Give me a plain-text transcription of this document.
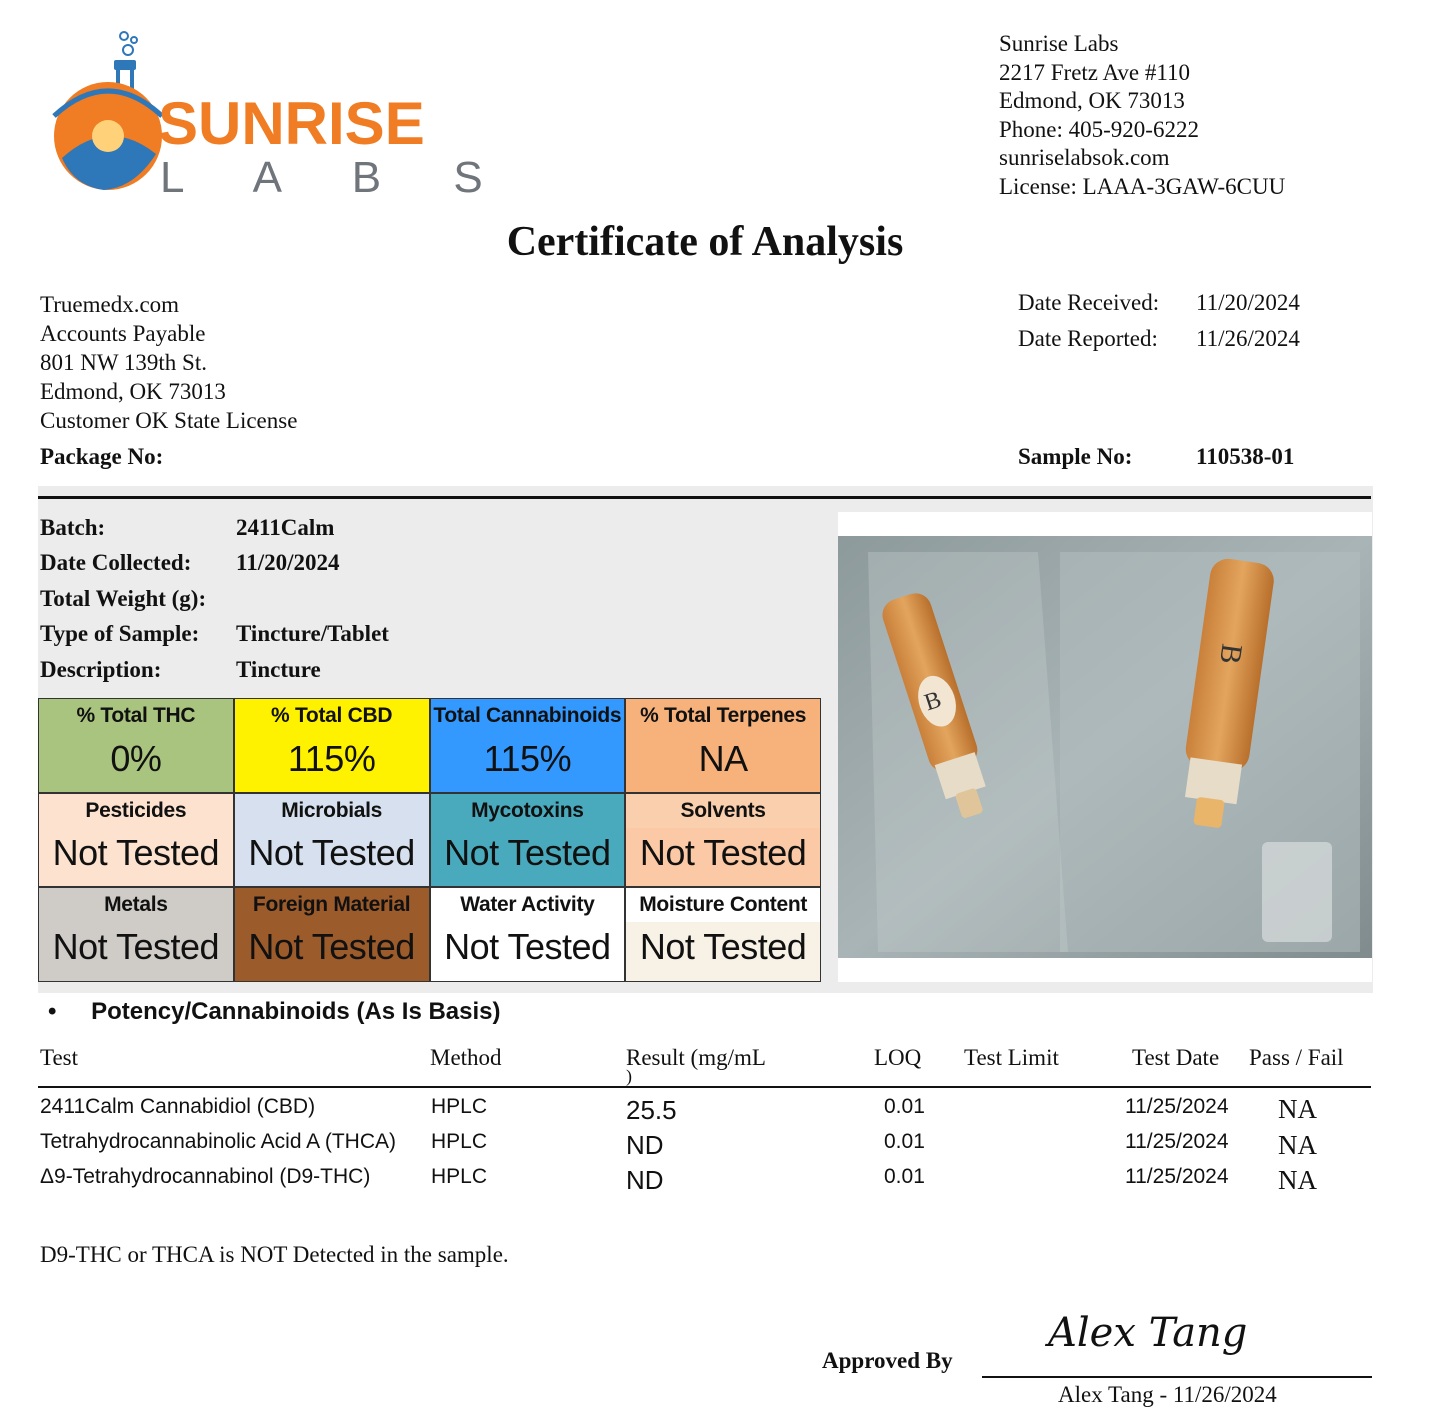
SUNRISE
L A B S
Sunrise Labs
2217 Fretz Ave #110
Edmond, OK 73013
Phone: 405-920-6222
sunriselabsok.com
License: LAAA-3GAW-6CUU
Certificate of Analysis
Truemedx.com
Accounts Payable
801 NW 139th St.
Edmond, OK 73013
Customer OK State License
Package No:
Date Received: 11/20/2024
Date Reported: 11/26/2024
Sample No:	110538-01
Batch:	2411Calm
Date Collected: 11/20/2024
Total Weight (g):
Type of Sample: Tincture/Tablet
Description:	Tincture
% Total THC
0%
% Total CBD
115%
Total Cannabinoids
115%
% Total Terpenes
NA
Pesticides
Not Tested
Microbials
Not Tested
Mycotoxins
Not Tested
Solvents
Not Tested
Metals
Not Tested
Foreign Material
Not Tested
Water Activity
Not Tested
Moisture Content
Not Tested
B
B
• Potency/Cannabinoids (As Is Basis)
Test	Method	Result (mg/mL
)
LOQ Test Limit	Test Date Pass / Fail
2411Calm Cannabidiol (CBD)	HPLC	25.5	0.01	11/25/2024 NA
Tetrahydrocannabinolic Acid A (THCA) HPLC	ND	0.01	11/25/2024 NA
Δ9-Tetrahydrocannabinol (D9-THC)	HPLC	ND	0.01	11/25/2024 NA
D9-THC or THCA is NOT Detected in the sample.
Approved By
Alex Tang
Alex Tang - 11/26/2024
